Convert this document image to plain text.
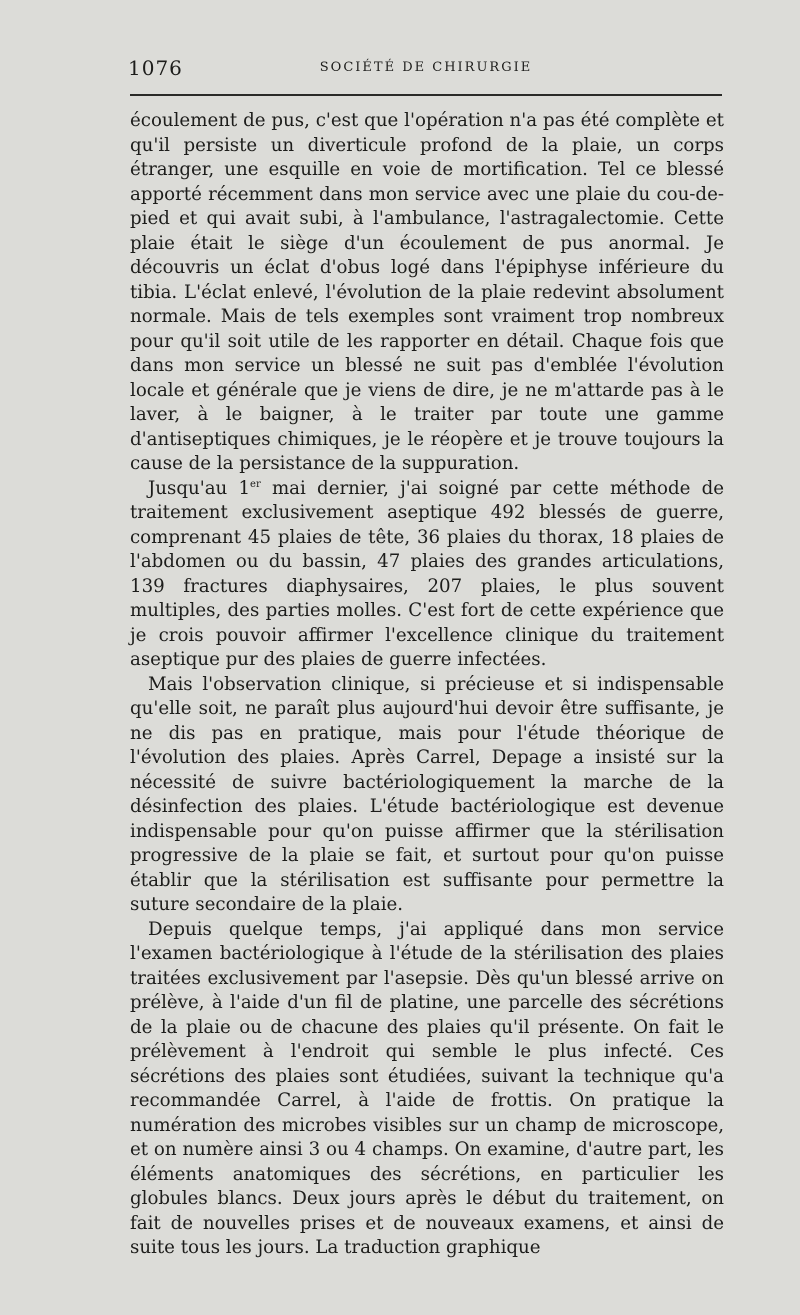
1076	SOCIÉTÉ DE CHIRURGIE

écoulement de pus, c'est que l'opération n'a pas été complète et qu'il persiste un diverticule profond de la plaie, un corps étranger, une esquille en voie de mortification. Tel ce blessé apporté récemment dans mon service avec une plaie du cou-de-pied et qui avait subi, à l'ambulance, l'astragalectomie. Cette plaie était le siège d'un écoulement de pus anormal. Je découvris un éclat d'obus logé dans l'épiphyse inférieure du tibia. L'éclat enlevé, l'évolution de la plaie redevint absolument normale. Mais de tels exemples sont vraiment trop nombreux pour qu'il soit utile de les rapporter en détail. Chaque fois que dans mon service un blessé ne suit pas d'emblée l'évolution locale et générale que je viens de dire, je ne m'attarde pas à le laver, à le baigner, à le traiter par toute une gamme d'antiseptiques chimiques, je le réopère et je trouve toujours la cause de la persistance de la suppuration.

Jusqu'au 1er mai dernier, j'ai soigné par cette méthode de traitement exclusivement aseptique 492 blessés de guerre, comprenant 45 plaies de tête, 36 plaies du thorax, 18 plaies de l'abdomen ou du bassin, 47 plaies des grandes articulations, 139 fractures diaphysaires, 207 plaies, le plus souvent multiples, des parties molles. C'est fort de cette expérience que je crois pouvoir affirmer l'excellence clinique du traitement aseptique pur des plaies de guerre infectées.

Mais l'observation clinique, si précieuse et si indispensable qu'elle soit, ne paraît plus aujourd'hui devoir être suffisante, je ne dis pas en pratique, mais pour l'étude théorique de l'évolution des plaies. Après Carrel, Depage a insisté sur la nécessité de suivre bactériologiquement la marche de la désinfection des plaies. L'étude bactériologique est devenue indispensable pour qu'on puisse affirmer que la stérilisation progressive de la plaie se fait, et surtout pour qu'on puisse établir que la stérilisation est suffisante pour permettre la suture secondaire de la plaie.

Depuis quelque temps, j'ai appliqué dans mon service l'examen bactériologique à l'étude de la stérilisation des plaies traitées exclusivement par l'asepsie. Dès qu'un blessé arrive on prélève, à l'aide d'un fil de platine, une parcelle des sécrétions de la plaie ou de chacune des plaies qu'il présente. On fait le prélèvement à l'endroit qui semble le plus infecté. Ces sécrétions des plaies sont étudiées, suivant la technique qu'a recommandée Carrel, à l'aide de frottis. On pratique la numération des microbes visibles sur un champ de microscope, et on numère ainsi 3 ou 4 champs. On examine, d'autre part, les éléments anatomiques des sécrétions, en particulier les globules blancs. Deux jours après le début du traitement, on fait de nouvelles prises et de nouveaux examens, et ainsi de suite tous les jours. La traduction graphique
